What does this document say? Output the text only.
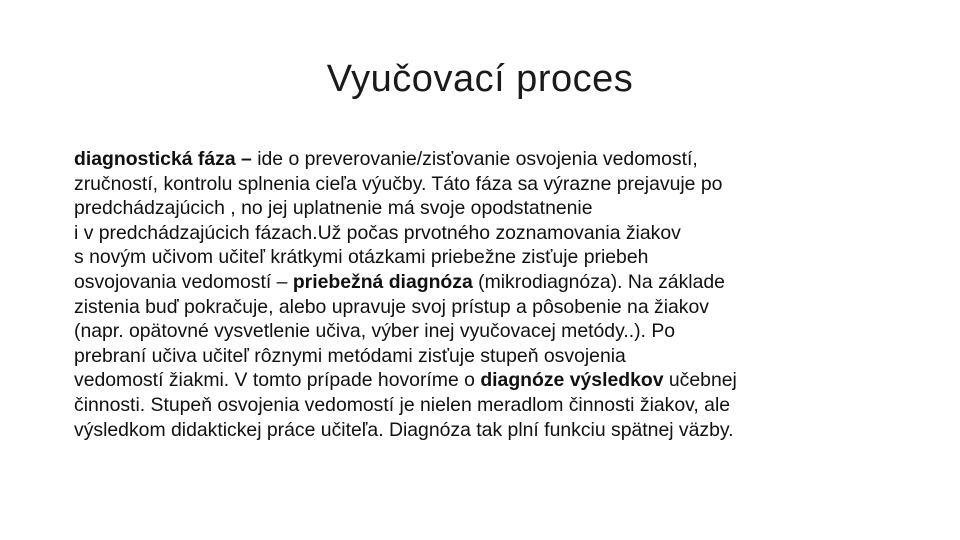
Vyučovací proces
diagnostická fáza – ide o preverovanie/zisťovanie osvojenia vedomostí,
zručností, kontrolu splnenia cieľa výučby. Táto fáza sa výrazne prejavuje po
predchádzajúcich , no jej uplatnenie má svoje opodstatnenie
i v predchádzajúcich fázach.Už počas prvotného zoznamovania žiakov
s novým učivom učiteľ krátkymi otázkami priebežne zisťuje priebeh
osvojovania vedomostí – priebežná diagnóza (mikrodiagnóza). Na základe
zistenia buď pokračuje, alebo upravuje svoj prístup a pôsobenie na žiakov
(napr. opätovné vysvetlenie učiva, výber inej vyučovacej metódy..). Po
prebraní učiva učiteľ rôznymi metódami zisťuje stupeň osvojenia
vedomostí žiakmi. V tomto prípade hovoríme o diagnóze výsledkov učebnej
činnosti. Stupeň osvojenia vedomostí je nielen meradlom činnosti žiakov, ale
výsledkom didaktickej práce učiteľa. Diagnóza tak plní funkciu spätnej väzby.
